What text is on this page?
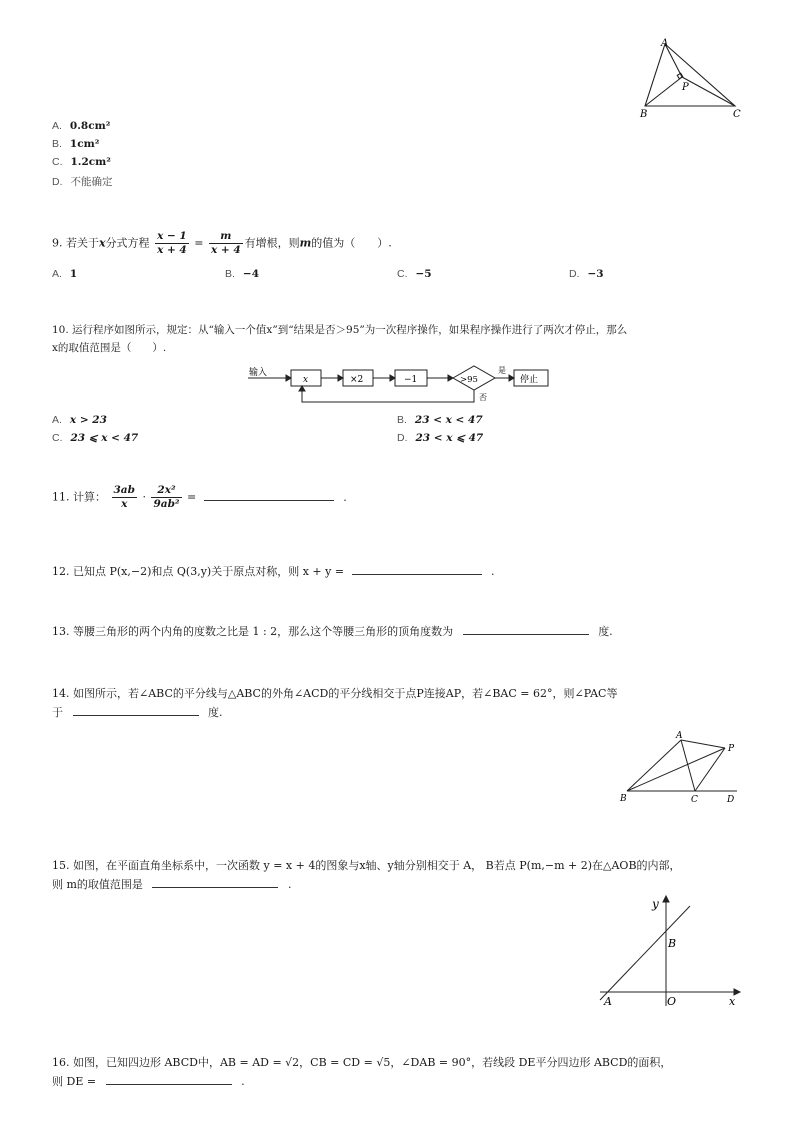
A
P
B	C
A. 0.8cm²
B. 1cm²
C. 1.2cm²
D. 不能确定
9. 若关于x分式方程 $\frac{x - 1}{x + 4} = \frac{m}{x + 4}$ 有增根，则m的值为（　　）.
A. 1	B. −4	C. −5	D. −3
10. 运行程序如图所示，规定：从“输入一个值x”到“结果是否＞95”为一次程序操作，如果程序操作进行了两次才停止，那么
x的取值范围是（　　）.
输入
x	×2	−1	>95
是
否
停止
A. x > 23	B. 23 < x < 47
C. 23 ⩽ x < 47	D. 23 < x ⩽ 47
11. 计算： $\frac{3ab}{x} \cdot \frac{\text{2x²}}{\text{9ab²}}$ =	.
12. 已知点 P(x,−2)和点 Q(3,y)关于原点对称，则 x + y =	.
13. 等腰三角形的两个内角的度数之比是 1 : 2，那么这个等腰三角形的顶角度数为	度.
14. 如图所示，若∠ABC的平分线与△ABC的外角∠ACD的平分线相交于点P连接AP，若∠BAC = 62°，则∠PAC等
于	度.
A
P
B	C	D
15. 如图，在平面直角坐标系中，一次函数 y = x + 4的图象与x轴、y轴分别相交于 A， B若点 P(m,−m + 2)在△AOB的内部，
则 m的取值范围是	.
y
x
B
A	O
16. 如图，已知四边形 ABCD中，AB = AD = √2，CB = CD = √5，∠DAB = 90°，若线段 DE平分四边形 ABCD的面积，
则 DE =	.
